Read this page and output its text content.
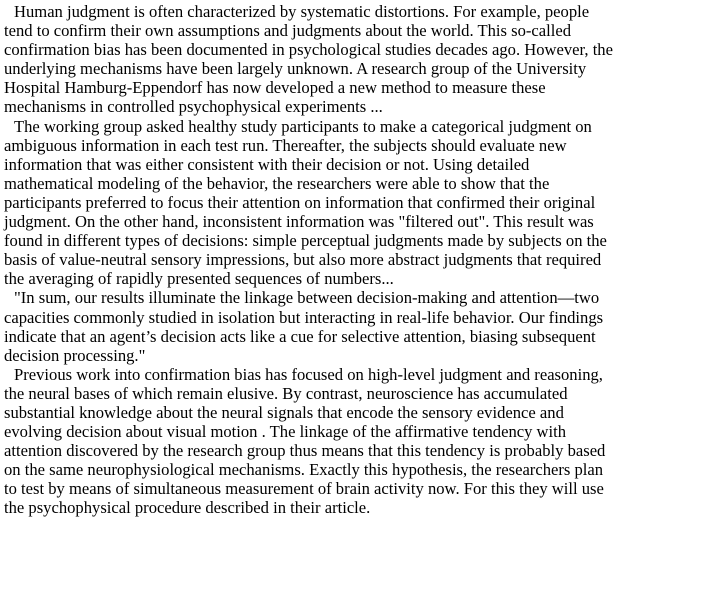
Human judgment is often characterized by systematic distortions. For example, people
tend to confirm their own assumptions and judgments about the world. This so-called
confirmation bias has been documented in psychological studies decades ago. However, the
underlying mechanisms have been largely unknown. A research group of the University
Hospital Hamburg-Eppendorf has now developed a new method to measure these
mechanisms in controlled psychophysical experiments ...
The working group asked healthy study participants to make a categorical judgment on
ambiguous information in each test run. Thereafter, the subjects should evaluate new
information that was either consistent with their decision or not. Using detailed
mathematical modeling of the behavior, the researchers were able to show that the
participants preferred to focus their attention on information that confirmed their original
judgment. On the other hand, inconsistent information was "filtered out". This result was
found in different types of decisions: simple perceptual judgments made by subjects on the
basis of value-neutral sensory impressions, but also more abstract judgments that required
the averaging of rapidly presented sequences of numbers...
"In sum, our results illuminate the linkage between decision-making and attention—two
capacities commonly studied in isolation but interacting in real-life behavior. Our findings
indicate that an agent’s decision acts like a cue for selective attention, biasing subsequent
decision processing."
Previous work into confirmation bias has focused on high-level judgment and reasoning,
the neural bases of which remain elusive. By contrast, neuroscience has accumulated
substantial knowledge about the neural signals that encode the sensory evidence and
evolving decision about visual motion . The linkage of the affirmative tendency with
attention discovered by the research group thus means that this tendency is probably based
on the same neurophysiological mechanisms. Exactly this hypothesis, the researchers plan
to test by means of simultaneous measurement of brain activity now. For this they will use
the psychophysical procedure described in their article.
